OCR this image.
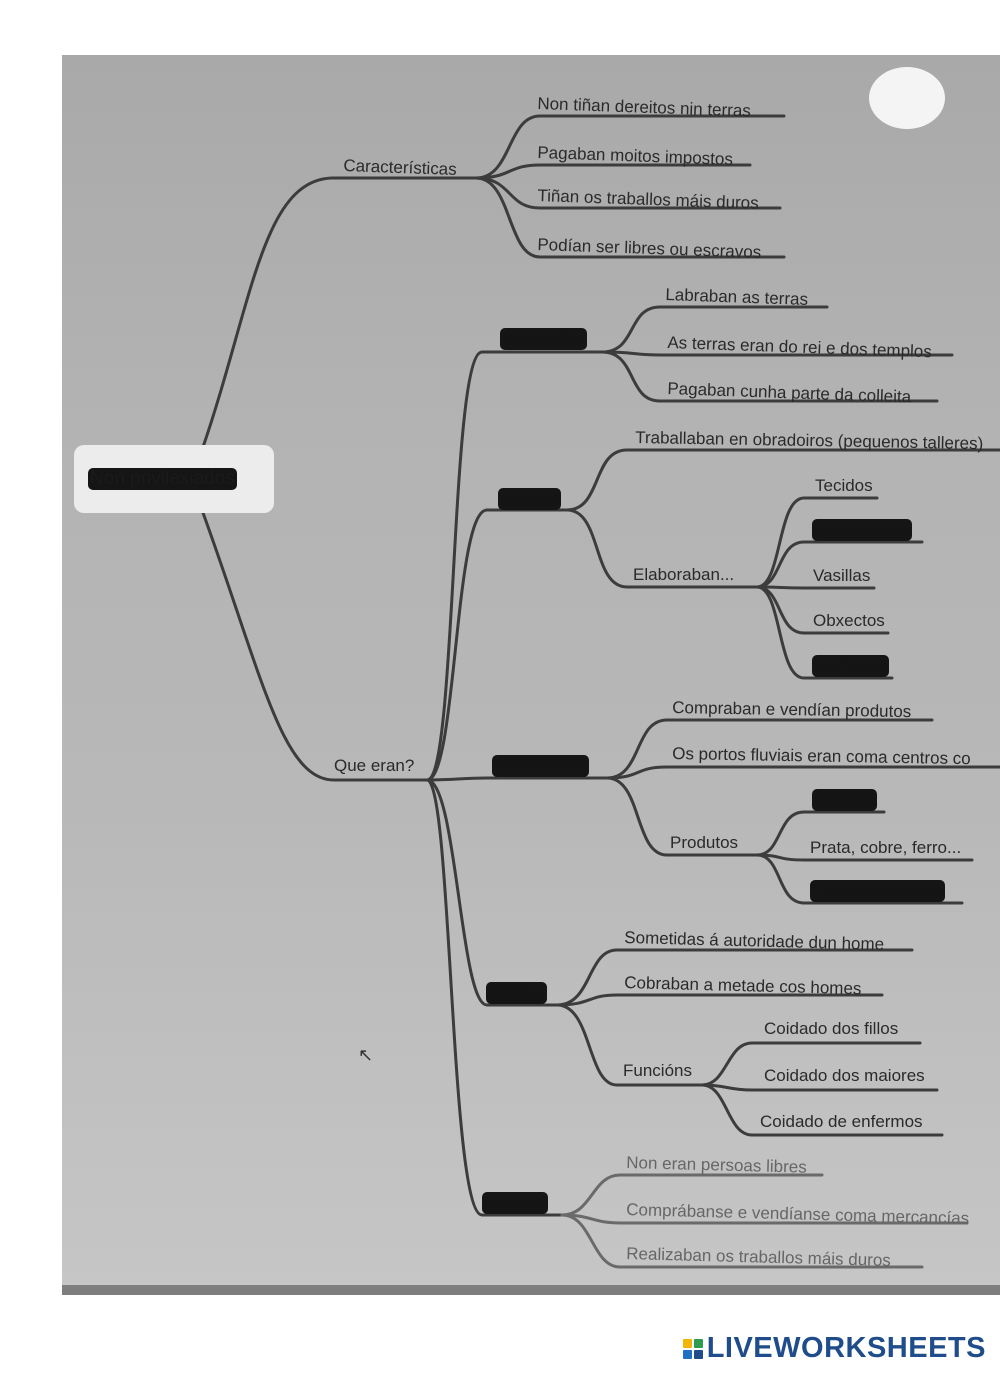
Non privilexiados
Características
Que eran?
Non tiñan dereitos nin terras
Pagaban moitos impostos
Tiñan os traballos máis duros
Podían ser libres ou escravos
Campesiños
Artesáns
Comerciantes
Mulleres
Escravos
Labraban as terras
As terras eran do rei e dos templos
Pagaban cunha parte da colleita
Traballaban en obradoiros (pequenos talleres)
Elaboraban...
Tecidos
Ferramentas
Vasillas
Obxectos
Perfumes
Compraban e vendían produtos
Os portos fluviais eran coma centros co
Produtos
Madeira
Prata, cobre, ferro...
Pedras preciosas
Sometidas á autoridade dun home
Cobraban a metade cos homes
Funcións
Coidado dos fillos
Coidado dos maiores
Coidado de enfermos
Non eran persoas libres
Comprábanse e vendíanse coma mercancías
Realizaban os traballos máis duros
↖
LIVEWORKSHEETS
